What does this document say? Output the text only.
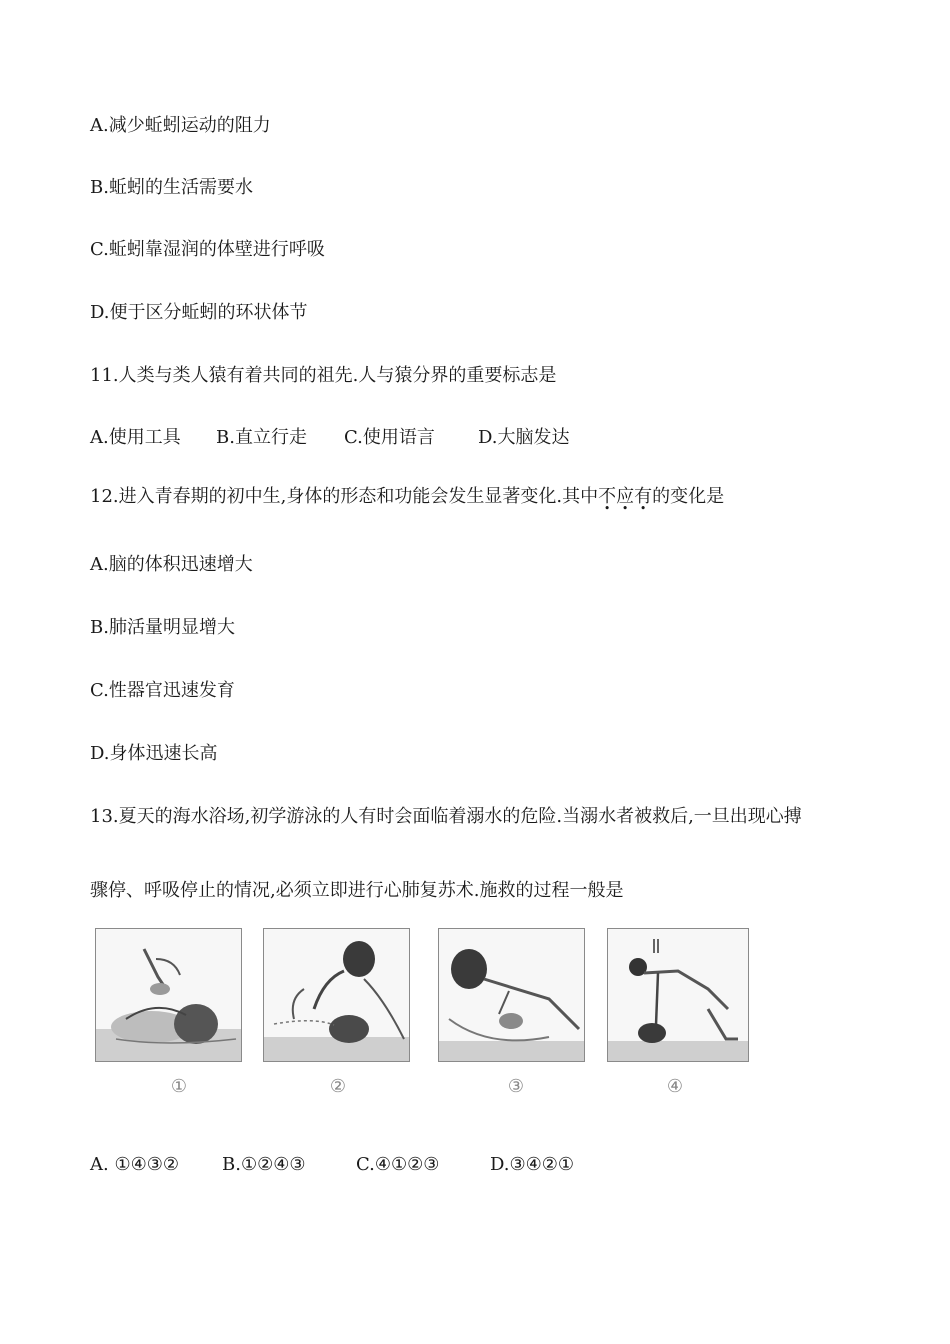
A.减少蚯蚓运动的阻力
B.蚯蚓的生活需要水
C.蚯蚓靠湿润的体壁进行呼吸
D.便于区分蚯蚓的环状体节
11.人类与类人猿有着共同的祖先.人与猿分界的重要标志是
A.使用工具 B.直立行走 C.使用语言 D.大脑发达
12.进入青春期的初中生,身体的形态和功能会发生显著变化.其中不应有的变化是
A.脑的体积迅速增大
B.肺活量明显增大
C.性器官迅速发育
D.身体迅速长高
13.夏天的海水浴场,初学游泳的人有时会面临着溺水的危险.当溺水者被救后,一旦出现心搏
骤停、呼吸停止的情况,必须立即进行心肺复苏术.施救的过程一般是
①	②	③	④
A. ①④③② B.①②④③	C.④①②③	D.③④②①
